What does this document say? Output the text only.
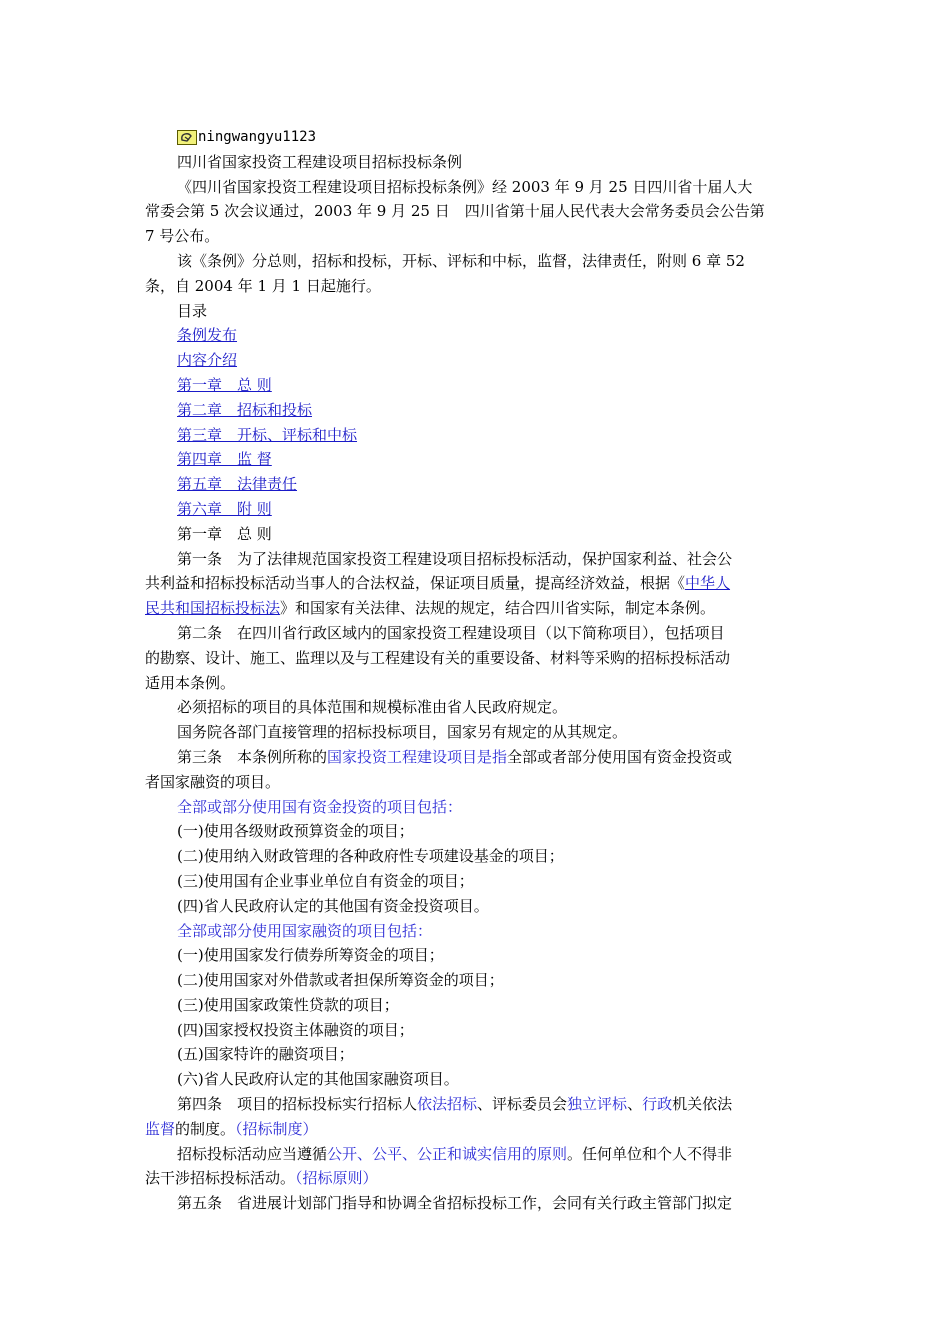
ningwangyu1123
四川省国家投资工程建设项目招标投标条例
《四川省国家投资工程建设项目招标投标条例》经 2003 年 9 月 25 日四川省十届人大
常委会第 5 次会议通过，2003 年 9 月 25 日　四川省第十届人民代表大会常务委员会公告第
7 号公布。
该《条例》分总则，招标和投标，开标、评标和中标，监督，法律责任，附则 6 章 52
条，自 2004 年 1 月 1 日起施行。
目录
条例发布
内容介绍
第一章　总 则
第二章　招标和投标
第三章　开标、评标和中标
第四章　监 督
第五章　法律责任
第六章　附 则
第一章　总 则
第一条　为了法律规范国家投资工程建设项目招标投标活动，保护国家利益、社会公
共利益和招标投标活动当事人的合法权益，保证项目质量，提高经济效益，根据《中华人
民共和国招标投标法》和国家有关法律、法规的规定，结合四川省实际，制定本条例。
第二条　在四川省行政区域内的国家投资工程建设项目（以下简称项目），包括项目
的勘察、设计、施工、监理以及与工程建设有关的重要设备、材料等采购的招标投标活动
适用本条例。
必须招标的项目的具体范围和规模标准由省人民政府规定。
国务院各部门直接管理的招标投标项目，国家另有规定的从其规定。
第三条　本条例所称的国家投资工程建设项目是指全部或者部分使用国有资金投资或
者国家融资的项目。
全部或部分使用国有资金投资的项目包括：
(一)使用各级财政预算资金的项目；
(二)使用纳入财政管理的各种政府性专项建设基金的项目；
(三)使用国有企业事业单位自有资金的项目；
(四)省人民政府认定的其他国有资金投资项目。
全部或部分使用国家融资的项目包括：
(一)使用国家发行债券所筹资金的项目；
(二)使用国家对外借款或者担保所筹资金的项目；
(三)使用国家政策性贷款的项目；
(四)国家授权投资主体融资的项目；
(五)国家特许的融资项目；
(六)省人民政府认定的其他国家融资项目。
第四条　项目的招标投标实行招标人依法招标、评标委员会独立评标、行政机关依法
监督的制度。（招标制度）
招标投标活动应当遵循公开、公平、公正和诚实信用的原则。任何单位和个人不得非
法干涉招标投标活动。（招标原则）
第五条　省进展计划部门指导和协调全省招标投标工作，会同有关行政主管部门拟定
